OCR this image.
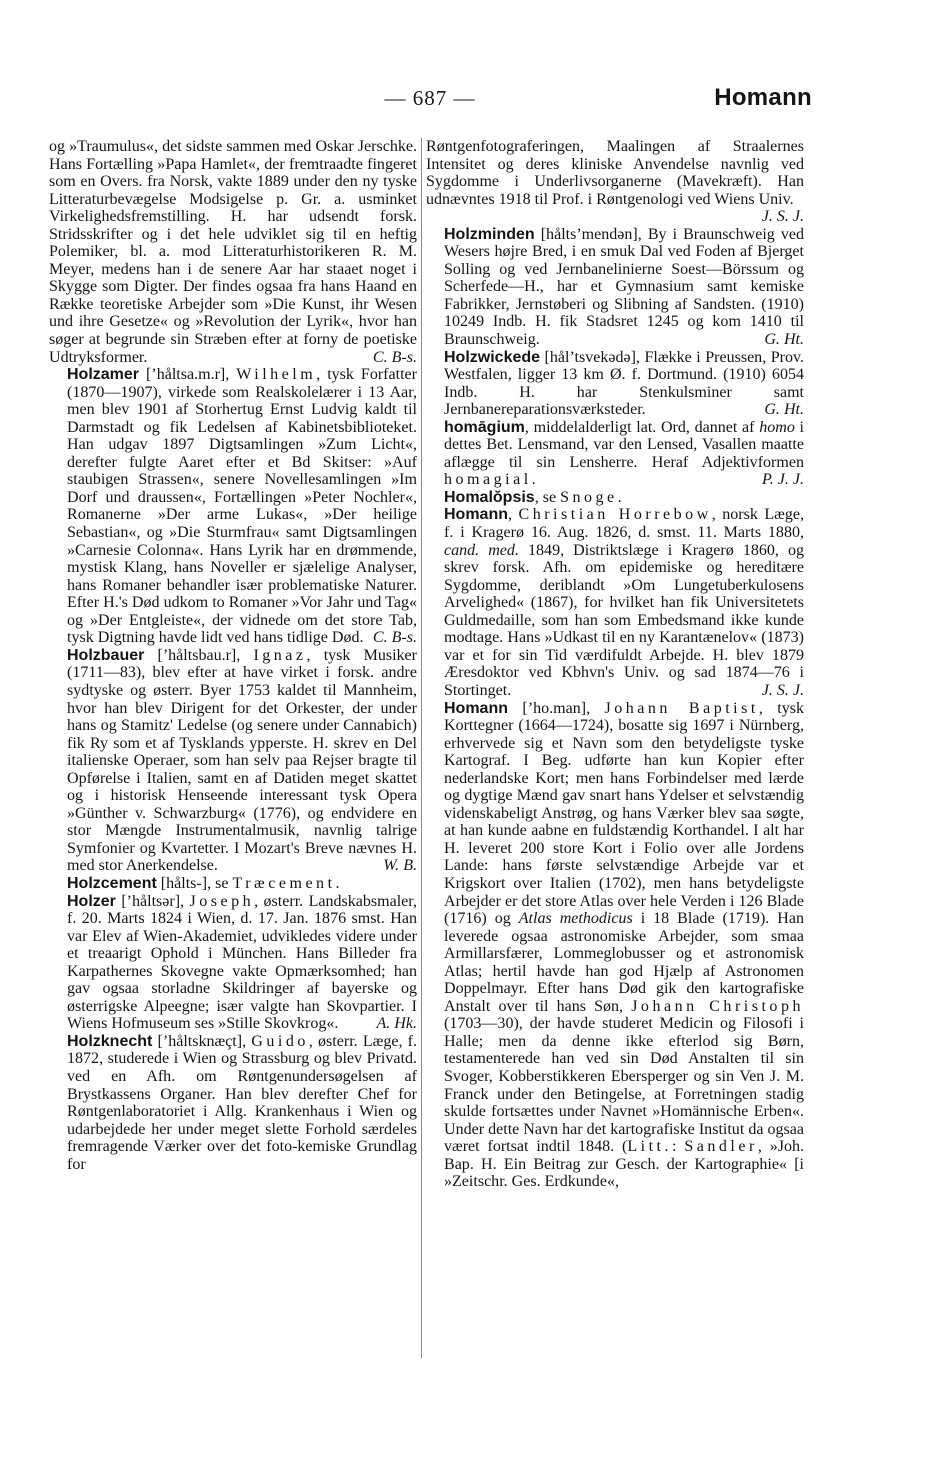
— 687 —	Homann

og »Traumulus«, det sidste sammen med Oskar Jerschke. Hans Fortælling »Papa Hamlet«, der fremtraadte fingeret som en Overs. fra Norsk, vakte 1889 under den ny tyske Litteraturbevægelse Modsigelse p. Gr. a. usminket Virkelighedsfremstilling. H. har udsendt forsk. Stridsskrifter og i det hele udviklet sig til en heftig Polemiker, bl. a. mod Litteraturhistorikeren R. M. Meyer, medens han i de senere Aar har staaet noget i Skygge som Digter. Der findes ogsaa fra hans Haand en Række teoretiske Arbejder som »Die Kunst, ihr Wesen und ihre Gesetze« og »Revolution der Lyrik«, hvor han søger at begrunde sin Stræben efter at forny de poetiske Udtryksformer.	C. B-s.

Holzamer [ʼhåltsa.m.r], Wilhelm, tysk Forfatter (1870—1907), virkede som Realskolelærer i 13 Aar, men blev 1901 af Storhertug Ernst Ludvig kaldt til Darmstadt og fik Ledelsen af Kabinetsbiblioteket. Han udgav 1897 Digtsamlingen »Zum Licht«, derefter fulgte Aaret efter et Bd Skitser: »Auf staubigen Strassen«, senere Novellesamlingen »Im Dorf und draussen«, Fortællingen »Peter Nochler«, Romanerne »Der arme Lukas«, »Der heilige Sebastian«, og »Die Sturmfrau« samt Digtsamlingen »Carnesie Colonna«. Hans Lyrik har en drømmende, mystisk Klang, hans Noveller er sjælelige Analyser, hans Romaner behandler især problematiske Naturer. Efter H.'s Død udkom to Romaner »Vor Jahr und Tag« og »Der Entgleiste«, der vidnede om det store Tab, tysk Digtning havde lidt ved hans tidlige Død. C. B-s.

Holzbauer [ʼhåltsbau.r], Ignaz, tysk Musiker (1711—83), blev efter at have virket i forsk. andre sydtyske og østerr. Byer 1753 kaldet til Mannheim, hvor han blev Dirigent for det Orkester, der under hans og Stamitz' Ledelse (og senere under Cannabich) fik Ry som et af Tysklands ypperste. H. skrev en Del italienske Operaer, som han selv paa Rejser bragte til Opførelse i Italien, samt en af Datiden meget skattet og i historisk Henseende interessant tysk Opera »Günther v. Schwarzburg« (1776), og endvidere en stor Mængde Instrumentalmusik, navnlig talrige Symfonier og Kvartetter. I Mozart's Breve nævnes H. med stor Anerkendelse.	W. B.

Holzcement [hålts-], se Træcement.

Holzer [ʼhåltsər], Joseph, østerr. Landskabsmaler, f. 20. Marts 1824 i Wien, d. 17. Jan. 1876 smst. Han var Elev af Wien-Akademiet, udvikledes videre under et treaarigt Ophold i München. Hans Billeder fra Karpathernes Skovegne vakte Opmærksomhed; han gav ogsaa storladne Skildringer af bayerske og østerrigske Alpeegne; især valgte han Skovpartier. I Wiens Hofmuseum ses »Stille Skovkrog«. A. Hk.

Holzknecht [ʼhåltsknæçt], Guido, østerr. Læge, f. 1872, studerede i Wien og Strassburg og blev Privatd. ved en Afh. om Røntgenundersøgelsen af Brystkassens Organer. Han blev derefter Chef for Røntgenlaboratoriet i Allg. Krankenhaus i Wien og udarbejdede her under meget slette Forhold særdeles fremragende Værker over det foto-kemiske Grundlag for

Røntgenfotograferingen, Maalingen af Straalernes Intensitet og deres kliniske Anvendelse navnlig ved Sygdomme i Underlivsorganerne (Mavekræft). Han udnævntes 1918 til Prof. i Røntgenologi ved Wiens Univ.
J. S. J.

Holzminden [hålts’mendən], By i Braunschweig ved Wesers højre Bred, i en smuk Dal ved Foden af Bjerget Solling og ved Jernbanelinierne Soest—Börssum og Scherfede—H., har et Gymnasium samt kemiske Fabrikker, Jernstøberi og Slibning af Sandsten. (1910) 10249 Indb. H. fik Stadsret 1245 og kom 1410 til Braunschweig.	G. Ht.

Holzwickede [hål’tsvekədə], Flække i Preussen, Prov. Westfalen, ligger 13 km Ø. f. Dortmund. (1910) 6054 Indb. H. har Stenkulsminer samt Jernbanereparationsværksteder.	G. Ht.

homāgium, middelalderligt lat. Ord, dannet af homo i dettes Bet. Lensmand, var den Lensed, Vasallen maatte aflægge til sin Lensherre. Heraf Adjektivformen homagial.	P. J. J.

Homalŏpsis, se Snoge.

Homann, Christian Horrebow, norsk Læge, f. i Kragerø 16. Aug. 1826, d. smst. 11. Marts 1880, cand. med. 1849, Distriktslæge i Kragerø 1860, og skrev forsk. Afh. om epidemiske og hereditære Sygdomme, deriblandt »Om Lungetuberkulosens Arvelighed« (1867), for hvilket han fik Universitetets Guldmedaille, som han som Embedsmand ikke kunde modtage. Hans »Udkast til en ny Karantænelov« (1873) var et for sin Tid værdifuldt Arbejde. H. blev 1879 Æresdoktor ved Kbhvn's Univ. og sad 1874—76 i Stortinget.	J. S. J.

Homann [ʼho.man], Johann Baptist, tysk Korttegner (1664—1724), bosatte sig 1697 i Nürnberg, erhvervede sig et Navn som den betydeligste tyske Kartograf. I Beg. udførte han kun Kopier efter nederlandske Kort; men hans Forbindelser med lærde og dygtige Mænd gav snart hans Ydelser et selvstændig videnskabeligt Anstrøg, og hans Værker blev saa søgte, at han kunde aabne en fuldstændig Korthandel. I alt har H. leveret 200 store Kort i Folio over alle Jordens Lande: hans første selvstændige Arbejde var et Krigskort over Italien (1702), men hans betydeligste Arbejder er det store Atlas over hele Verden i 126 Blade (1716) og Atlas methodicus i 18 Blade (1719). Han leverede ogsaa astronomiske Arbejder, som smaa Armillarsfærer, Lommeglobusser og et astronomisk Atlas; hertil havde han god Hjælp af Astronomen Doppelmayr. Efter hans Død gik den kartografiske Anstalt over til hans Søn, Johann Christoph (1703—30), der havde studeret Medicin og Filosofi i Halle; men da denne ikke efterlod sig Børn, testamenterede han ved sin Død Anstalten til sin Svoger, Kobberstikkeren Ebersperger og sin Ven J. M. Franck under den Betingelse, at Forretningen stadig skulde fortsættes under Navnet »Homännische Erben«. Under dette Navn har det kartografiske Institut da ogsaa været fortsat indtil 1848. (Litt.: Sandler, »Joh. Bap. H. Ein Beitrag zur Gesch. der Kartographie« [i »Zeitschr. Ges. Erdkunde«,
